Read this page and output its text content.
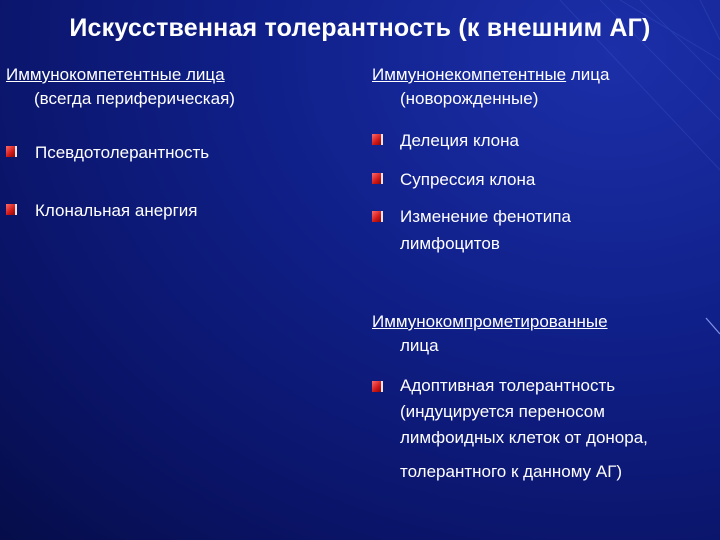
Искусственная толерантность (к внешним АГ)
Иммунокомпетентные лица
(всегда периферическая)
Псевдотолерантность
Клональная анергия
Иммунонекомпетентные лица
(новорожденные)
Делеция клона
Супрессия клона
Изменение фенотипа
лимфоцитов
Иммунокомпрометированные
лица
Адоптивная толерантность
(индуцируется переносом
лимфоидных клеток от донора,
толерантного к данному АГ)
